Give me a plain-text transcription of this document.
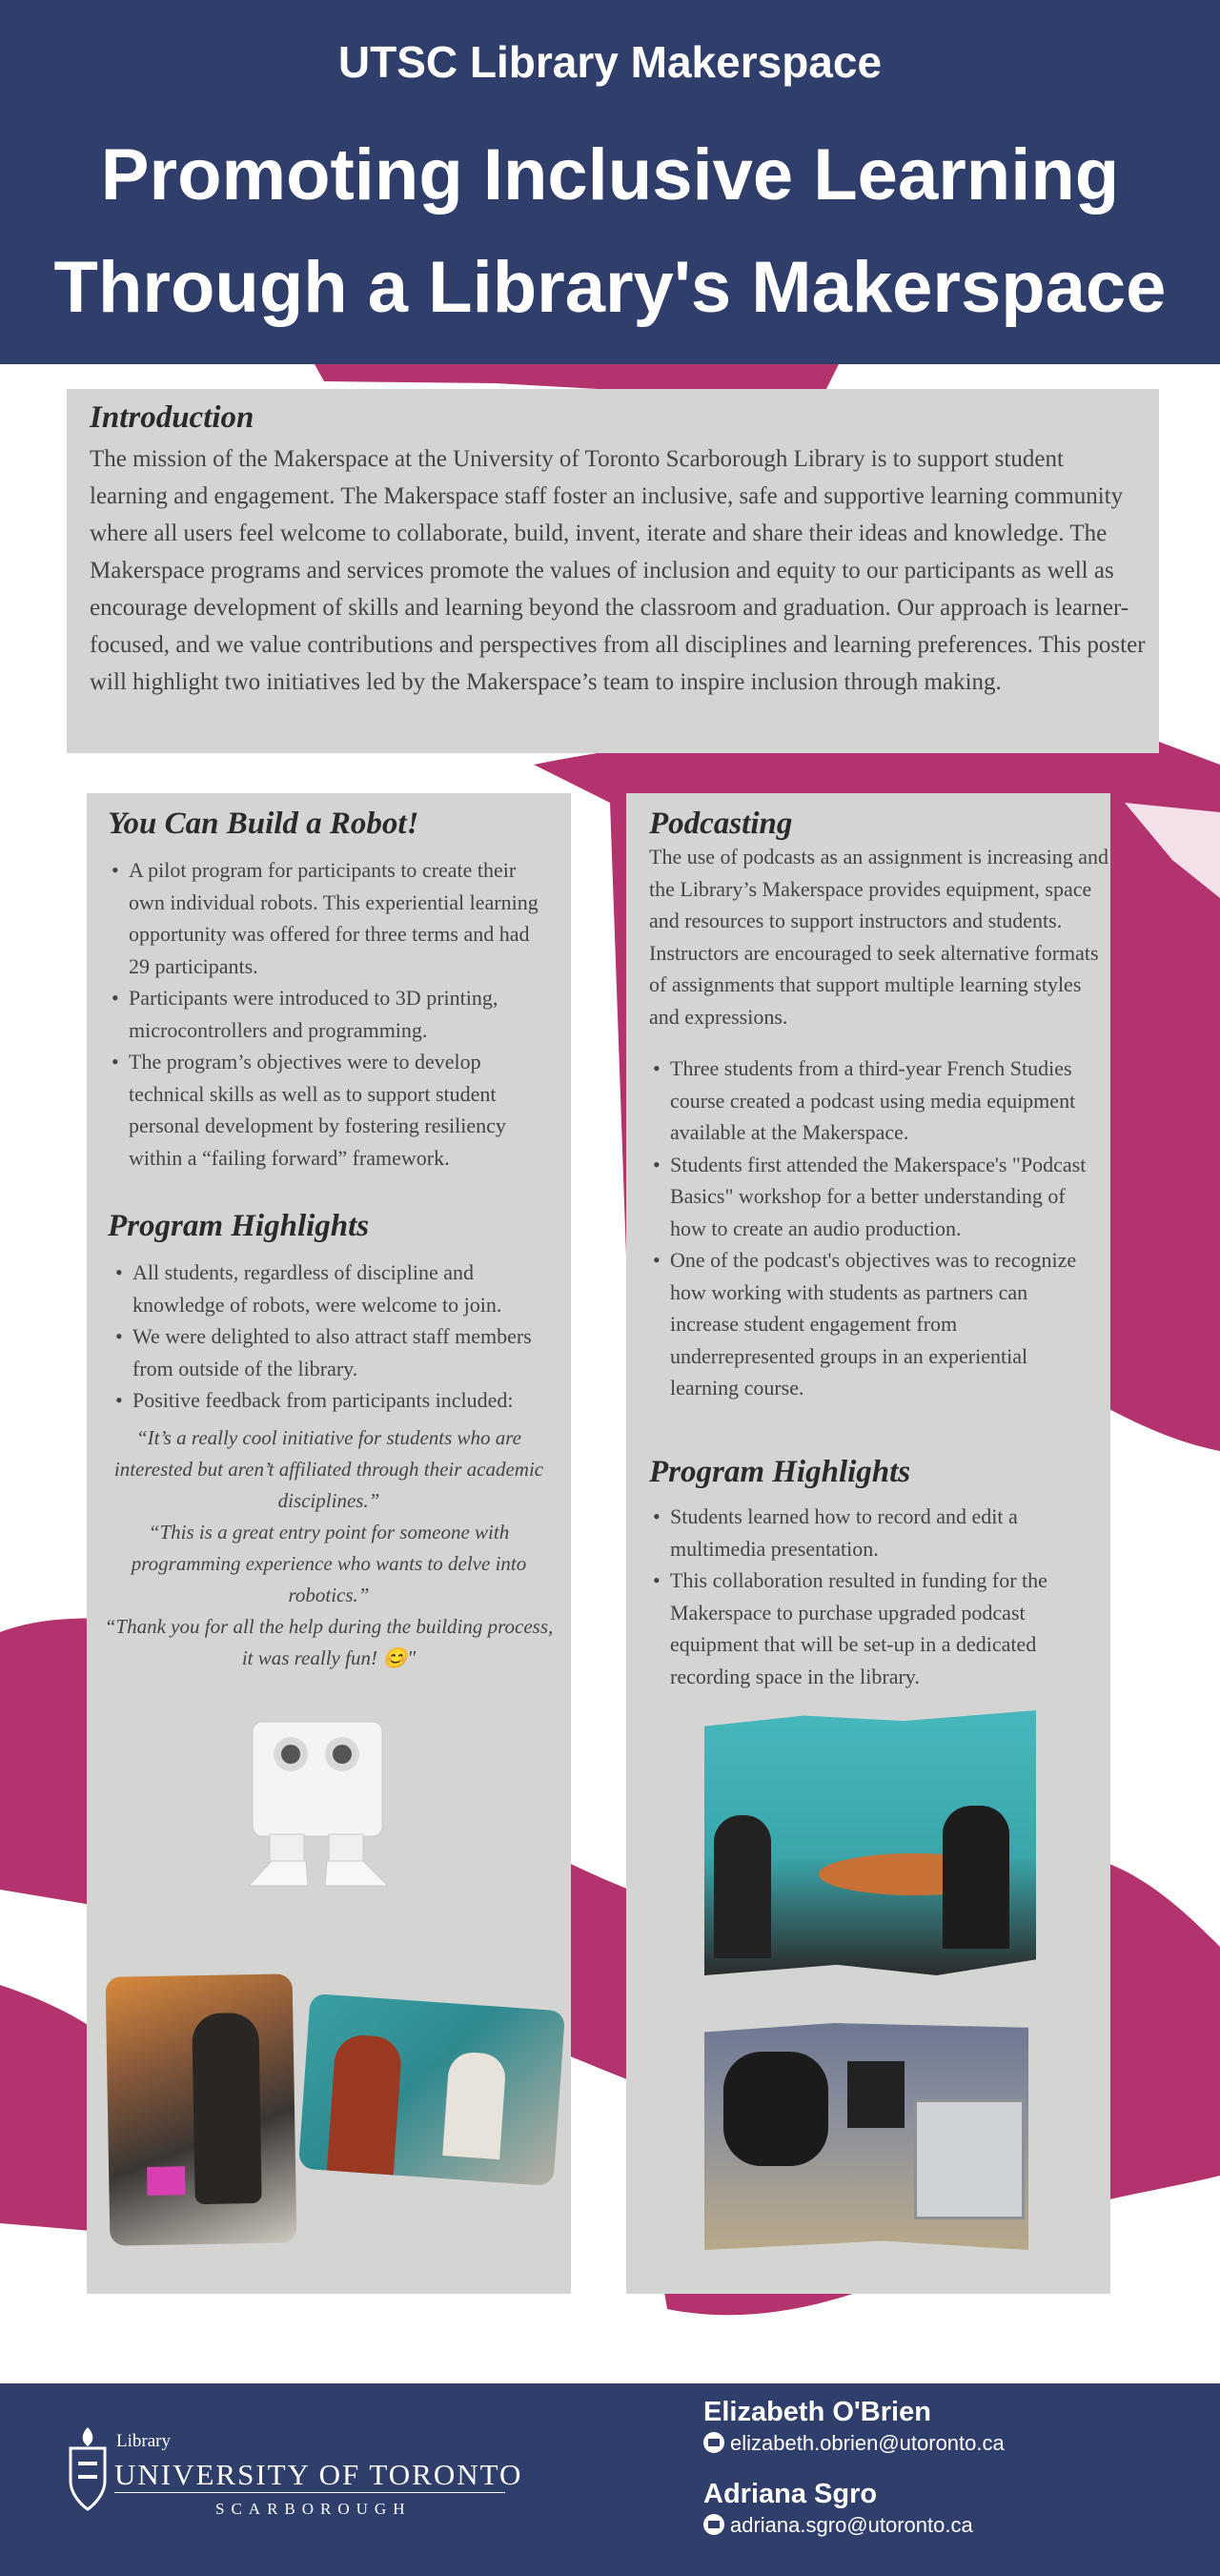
UTSC Library Makerspace
Promoting Inclusive Learning
Through a Library's Makerspace
Introduction
The mission of the Makerspace at the University of Toronto Scarborough Library is to support student learning and engagement. The Makerspace staff foster an inclusive, safe and supportive learning community where all users feel welcome to collaborate, build, invent, iterate and share their ideas and knowledge. The Makerspace programs and services promote the values of inclusion and equity to our participants as well as encourage development of skills and learning beyond the classroom and graduation. Our approach is learner-focused, and we value contributions and perspectives from all disciplines and learning preferences. This poster will highlight two initiatives led by the Makerspace’s team to inspire inclusion through making.
You Can Build a Robot!
• A pilot program for participants to create their own individual robots. This experiential learning opportunity was offered for three terms and had 29 participants.
• Participants were introduced to 3D printing, microcontrollers and programming.
• The program’s objectives were to develop technical skills as well as to support student personal development by fostering resiliency within a “failing forward” framework.
Program Highlights
• All students, regardless of discipline and knowledge of robots, were welcome to join.
• We were delighted to also attract staff members from outside of the library.
• Positive feedback from participants included:
“It’s a really cool initiative for students who are interested but aren’t affiliated through their academic disciplines.”
“This is a great entry point for someone with programming experience who wants to delve into robotics.”
“Thank you for all the help during the building process, it was really fun! 😊"
Podcasting
The use of podcasts as an assignment is increasing and the Library’s Makerspace provides equipment, space and resources to support instructors and students. Instructors are encouraged to seek alternative formats of assignments that support multiple learning styles and expressions.
• Three students from a third-year French Studies course created a podcast using media equipment available at the Makerspace.
• Students first attended the Makerspace's "Podcast Basics" workshop for a better understanding of how to create an audio production.
• One of the podcast's objectives was to recognize how working with students as partners can increase student engagement from underrepresented groups in an experiential learning course.
Program Highlights
• Students learned how to record and edit a multimedia presentation.
• This collaboration resulted in funding for the Makerspace to purchase upgraded podcast equipment that will be set-up in a dedicated recording space in the library.
Library
UNIVERSITY OF TORONTO
SCARBOROUGH
Elizabeth O'Brien
elizabeth.obrien@utoronto.ca
Adriana Sgro
adriana.sgro@utoronto.ca
